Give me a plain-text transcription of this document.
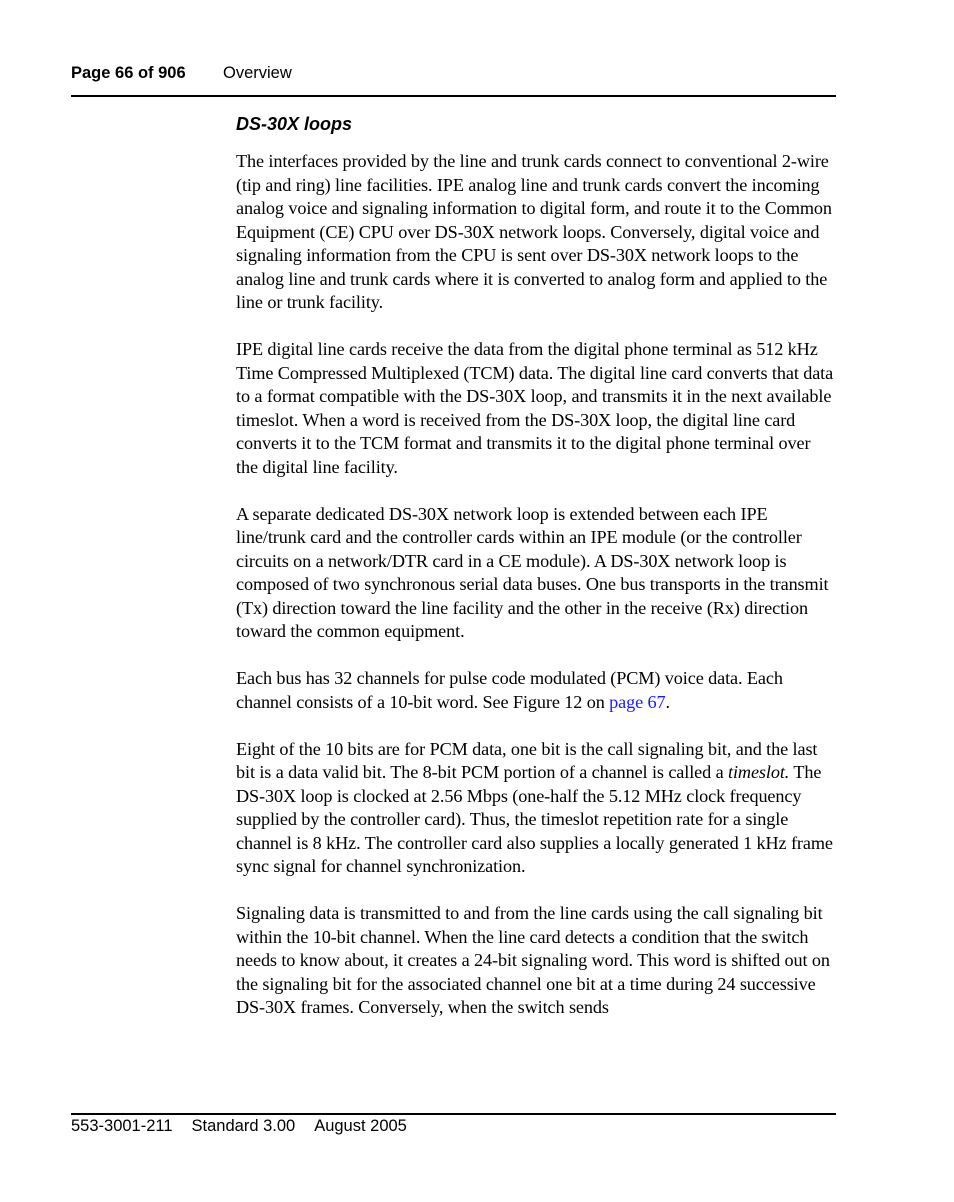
Page 66 of 906 Overview
DS-30X loops

The interfaces provided by the line and trunk cards connect to conventional 2-wire (tip and ring) line facilities. IPE analog line and trunk cards convert the incoming analog voice and signaling information to digital form, and route it to the Common Equipment (CE) CPU over DS-30X network loops. Conversely, digital voice and signaling information from the CPU is sent over DS-30X network loops to the analog line and trunk cards where it is converted to analog form and applied to the line or trunk facility.

IPE digital line cards receive the data from the digital phone terminal as 512 kHz Time Compressed Multiplexed (TCM) data. The digital line card converts that data to a format compatible with the DS-30X loop, and transmits it in the next available timeslot. When a word is received from the DS-30X loop, the digital line card converts it to the TCM format and transmits it to the digital phone terminal over the digital line facility.

A separate dedicated DS-30X network loop is extended between each IPE line/trunk card and the controller cards within an IPE module (or the controller circuits on a network/DTR card in a CE module). A DS-30X network loop is composed of two synchronous serial data buses. One bus transports in the transmit (Tx) direction toward the line facility and the other in the receive (Rx) direction toward the common equipment.

Each bus has 32 channels for pulse code modulated (PCM) voice data. Each channel consists of a 10-bit word. See Figure 12 on page 67.

Eight of the 10 bits are for PCM data, one bit is the call signaling bit, and the last bit is a data valid bit. The 8-bit PCM portion of a channel is called a timeslot. The DS-30X loop is clocked at 2.56 Mbps (one-half the 5.12 MHz clock frequency supplied by the controller card). Thus, the timeslot repetition rate for a single channel is 8 kHz. The controller card also supplies a locally generated 1 kHz frame sync signal for channel synchronization.

Signaling data is transmitted to and from the line cards using the call signaling bit within the 10-bit channel. When the line card detects a condition that the switch needs to know about, it creates a 24-bit signaling word. This word is shifted out on the signaling bit for the associated channel one bit at a time during 24 successive DS-30X frames. Conversely, when the switch sends

553-3001-211 Standard 3.00 August 2005
